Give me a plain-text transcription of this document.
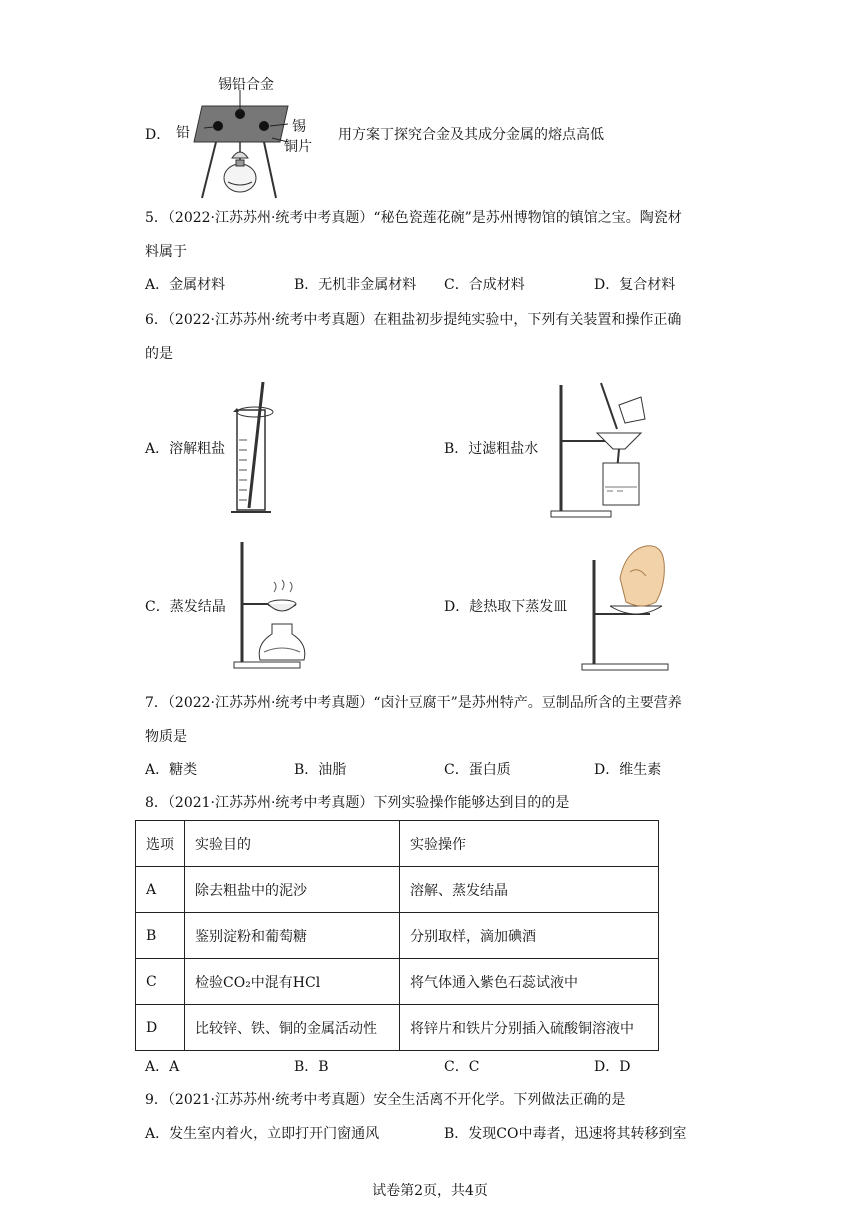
D．
锡铅合金
铅	锡
铜片
用方案丁探究合金及其成分金属的熔点高低
5．（2022·江苏苏州·统考中考真题）“秘色瓷莲花碗”是苏州博物馆的镇馆之宝。陶瓷材
料属于
A．金属材料	B．无机非金属材料 C．合成材料	D．复合材料
6．（2022·江苏苏州·统考中考真题）在粗盐初步提纯实验中，下列有关装置和操作正确
的是
A．溶解粗盐	B．过滤粗盐水
C．蒸发结晶	D．趁热取下蒸发皿
7．（2022·江苏苏州·统考中考真题）“卤汁豆腐干”是苏州特产。豆制品所含的主要营养
物质是
A．糖类	B．油脂	C．蛋白质	D．维生素
8．（2021·江苏苏州·统考中考真题）下列实验操作能够达到目的的是
选项	实验目的	实验操作
A	除去粗盐中的泥沙	溶解、蒸发结晶
B	鉴别淀粉和葡萄糖	分别取样，滴加碘酒
C	检验CO₂中混有HCl	将气体通入紫色石蕊试液中
D	比较锌、铁、铜的金属活动性	将锌片和铁片分别插入硫酸铜溶液中
A．A	B．B	C．C	D．D
9．（2021·江苏苏州·统考中考真题）安全生活离不开化学。下列做法正确的是
A．发生室内着火，立即打开门窗通风	B．发现CO中毒者，迅速将其转移到室
试卷第2页，共4页
